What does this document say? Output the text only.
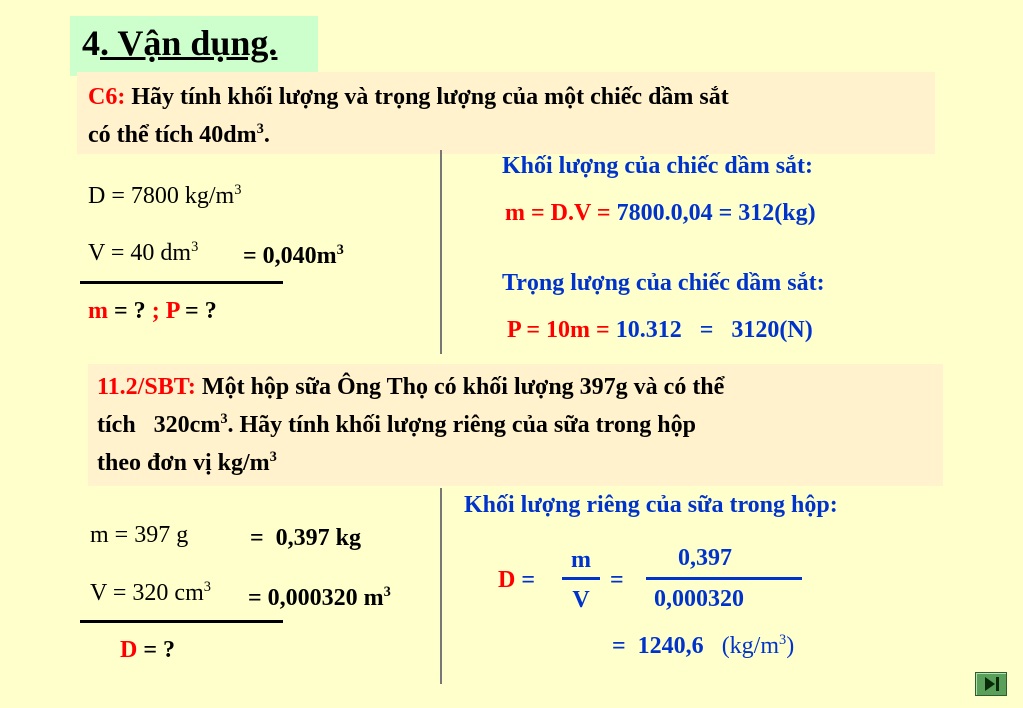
4. Vận dụng.
C6: Hãy tính khối lượng và trọng lượng của một chiếc dầm sắt
có thể tích $40dm^3$.
D = 7800 $kg/m^3$
V = 40 $dm^3 = 0,040m^3$
m = ? ; P = ?
Khối lượng của chiếc dầm sắt:
m = D.V = 7800.0,04 = 312(kg)
Trọng lượng của chiếc dầm sắt:
P = 10m = 10.312   =   3120(N)
11.2/SBT: Một hộp sữa Ông Thọ có khối lượng 397g và có thể
tích   $320cm^3$. Hãy tính khối lượng riêng của sữa trong hộp
theo đơn vị $kg/m^3$
m = 397 g	=  0,397 kg
V = 320 $cm^3 = 0,000320$ $m^3$
D = ?
Khối lượng riêng của sữa trong hộp:
D =
m
V
=
0,397
0,000320
=  1240,6 $(kg/m^3)$
